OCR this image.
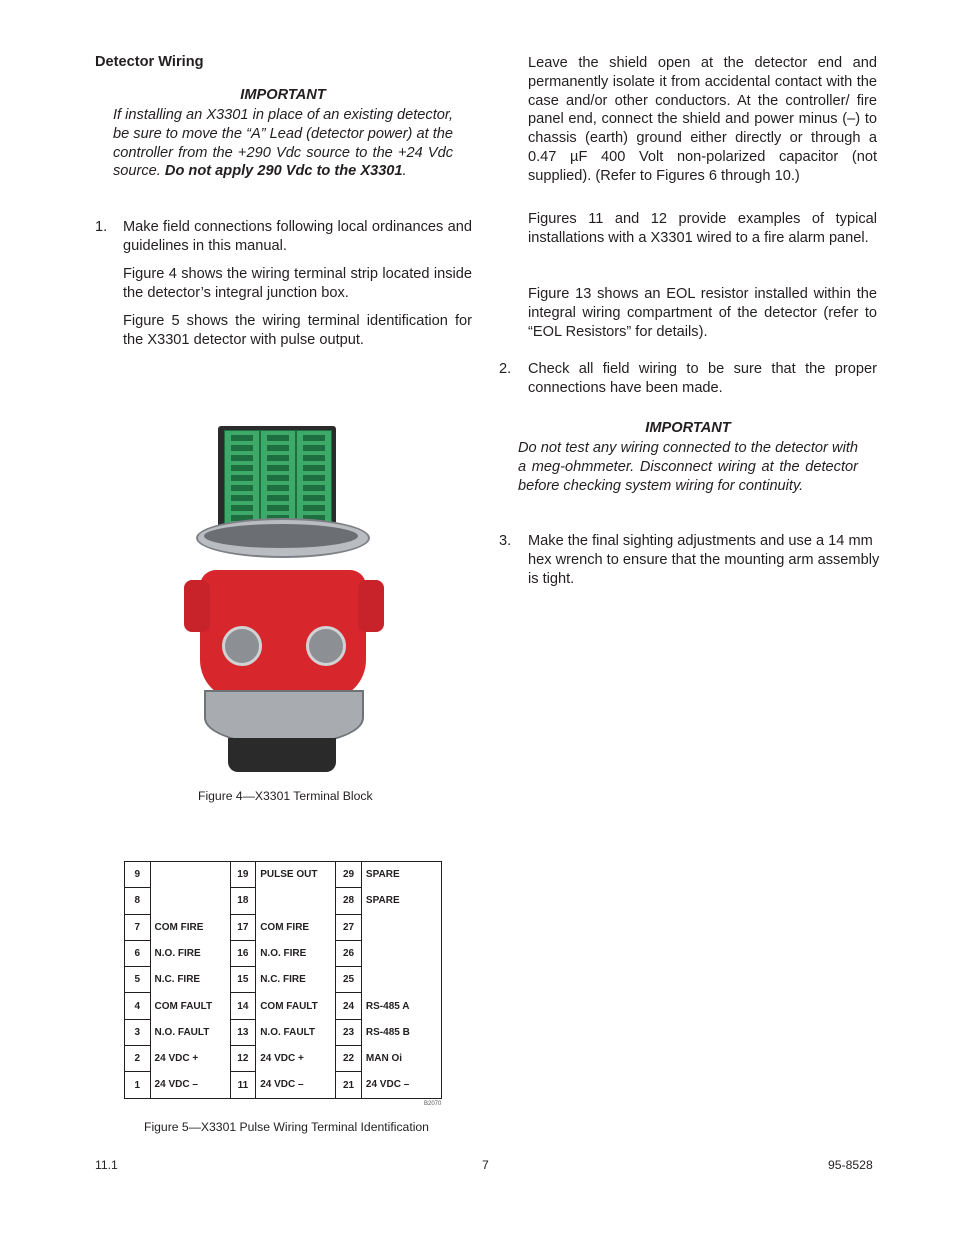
Detector Wiring
IMPORTANT
If installing an X3301 in place of an existing detector, be sure to move the “A” Lead (detector power) at the controller from the +290 Vdc source to the +24 Vdc source. Do not apply 290 Vdc to the X3301.
1. Make field connections following local ordinances and guidelines in this manual.
Figure 4 shows the wiring terminal strip located inside the detector’s integral junction box.
Figure 5 shows the wiring terminal identification for the X3301 detector with pulse output.
Figure 4—X3301 Terminal Block
9		19	PULSE OUT	29	SPARE
8		18		28	SPARE
7	COM FIRE	17	COM FIRE	27	
6	N.O. FIRE	16	N.O. FIRE	26	
5	N.C. FIRE	15	N.C. FIRE	25	
4	COM FAULT	14	COM FAULT	24	RS-485 A
3	N.O. FAULT	13	N.O. FAULT	23	RS-485 B
2	24 VDC +	12	24 VDC +	22	MAN Oi
1	24 VDC –	11	24 VDC –	21	24 VDC –
B2070
Figure 5—X3301 Pulse Wiring Terminal Identification
Leave the shield open at the detector end and permanently isolate it from accidental contact with the case and/or other conductors. At the controller/ fire panel end, connect the shield and power minus (–) to chassis (earth) ground either directly or through a 0.47 µF 400 Volt non-polarized capacitor (not supplied). (Refer to Figures 6 through 10.)
Figures 11 and 12 provide examples of typical installations with a X3301 wired to a fire alarm panel.
Figure 13 shows an EOL resistor installed within the integral wiring compartment of the detector (refer to “EOL Resistors” for details).
2. Check all field wiring to be sure that the proper connections have been made.
IMPORTANT
Do not test any wiring connected to the detector with a meg-ohmmeter. Disconnect wiring at the detector before checking system wiring for continuity.
3. Make the final sighting adjustments and use a 14 mm hex wrench to ensure that the mounting arm assembly is tight.
11.1	7	95-8528
